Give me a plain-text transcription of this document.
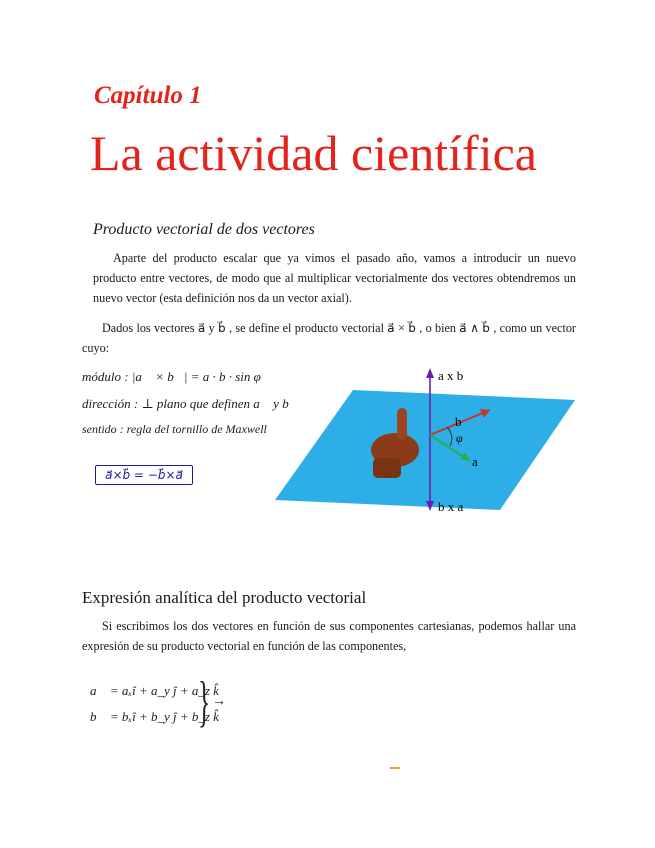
Capítulo 1
La actividad científica
Producto vectorial de dos vectores
Aparte del producto escalar que ya vimos el pasado año, vamos a introducir un nuevo producto entre vectores, de modo que al multiplicar vectorialmente dos vectores obtendremos un nuevo vector (esta definición nos da un vector axial).
Dados los vectores a⃗ y b⃗ , se define el producto vectorial a⃗ × b⃗ , o bien a⃗ ∧ b⃗ , como un vector cuyo:
módulo : |a⃗ × b⃗| = a · b · sin φ
dirección : ⊥ plano que definen a⃗ y b⃗
sentido : regla del tornillo de Maxwell
a⃗×b⃗ = −b⃗×a⃗
a x b
b x a
b
a
φ
Expresión analítica del producto vectorial
Si escribimos los dos vectores en función de sus componentes cartesianas, podemos hallar una expresión de su producto vectorial en función de las componentes,
a⃗ = aₓî + a_y ĵ + a_z k̂
b⃗ = bₓî + b_y ĵ + b_z k̂
} →
